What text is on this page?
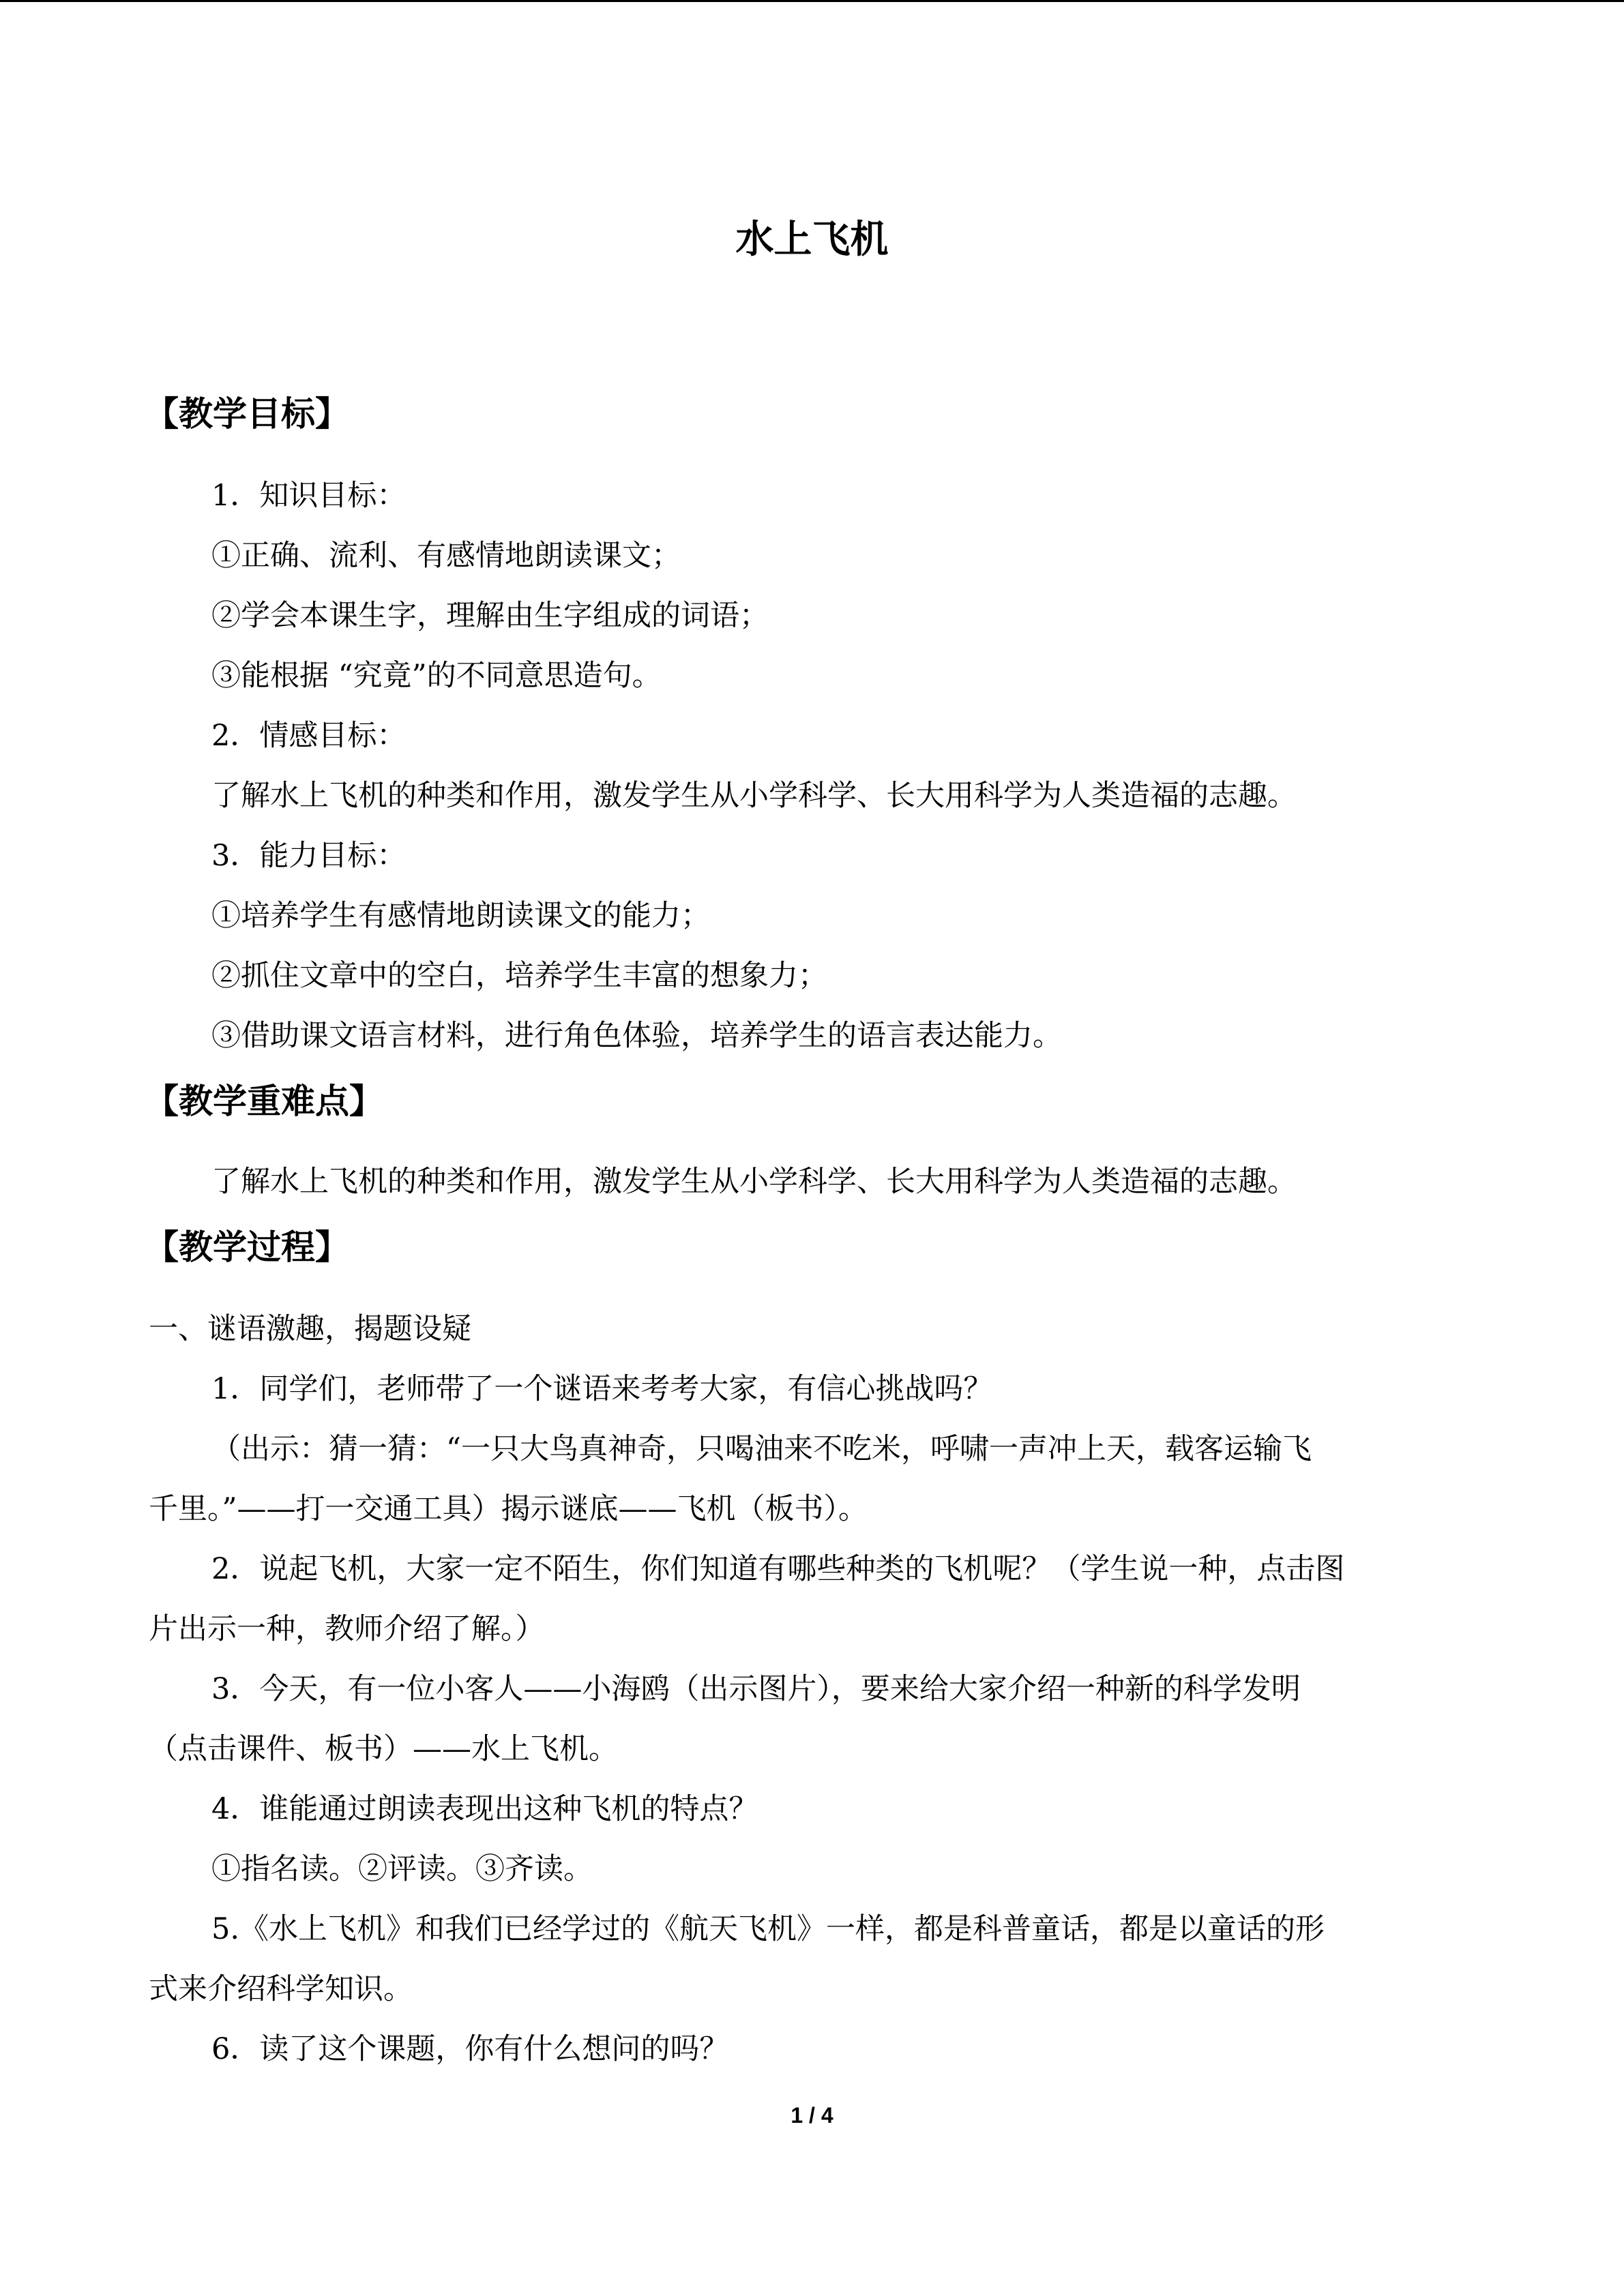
水上飞机
【教学目标】
1．知识目标：
①正确、流利、有感情地朗读课文；
②学会本课生字，理解由生字组成的词语；
③能根据 “究竟”的不同意思造句。
2．情感目标：
了解水上飞机的种类和作用，激发学生从小学科学、长大用科学为人类造福的志趣。
3．能力目标：
①培养学生有感情地朗读课文的能力；
②抓住文章中的空白，培养学生丰富的想象力；
③借助课文语言材料，进行角色体验，培养学生的语言表达能力。
【教学重难点】
了解水上飞机的种类和作用，激发学生从小学科学、长大用科学为人类造福的志趣。
【教学过程】
一、谜语激趣，揭题设疑
1．同学们，老师带了一个谜语来考考大家，有信心挑战吗？
（出示：猜一猜：“一只大鸟真神奇，只喝油来不吃米，呼啸一声冲上天，载客运输飞
千里。”——打一交通工具）揭示谜底——飞机（板书）。
2．说起飞机，大家一定不陌生，你们知道有哪些种类的飞机呢？（学生说一种，点击图
片出示一种，教师介绍了解。）
3．今天，有一位小客人——小海鸥（出示图片），要来给大家介绍一种新的科学发明
（点击课件、板书）——水上飞机。
4．谁能通过朗读表现出这种飞机的特点？
①指名读。②评读。③齐读。
5.《水上飞机》和我们已经学过的《航天飞机》一样，都是科普童话，都是以童话的形
式来介绍科学知识。
6．读了这个课题，你有什么想问的吗？
1 / 4
